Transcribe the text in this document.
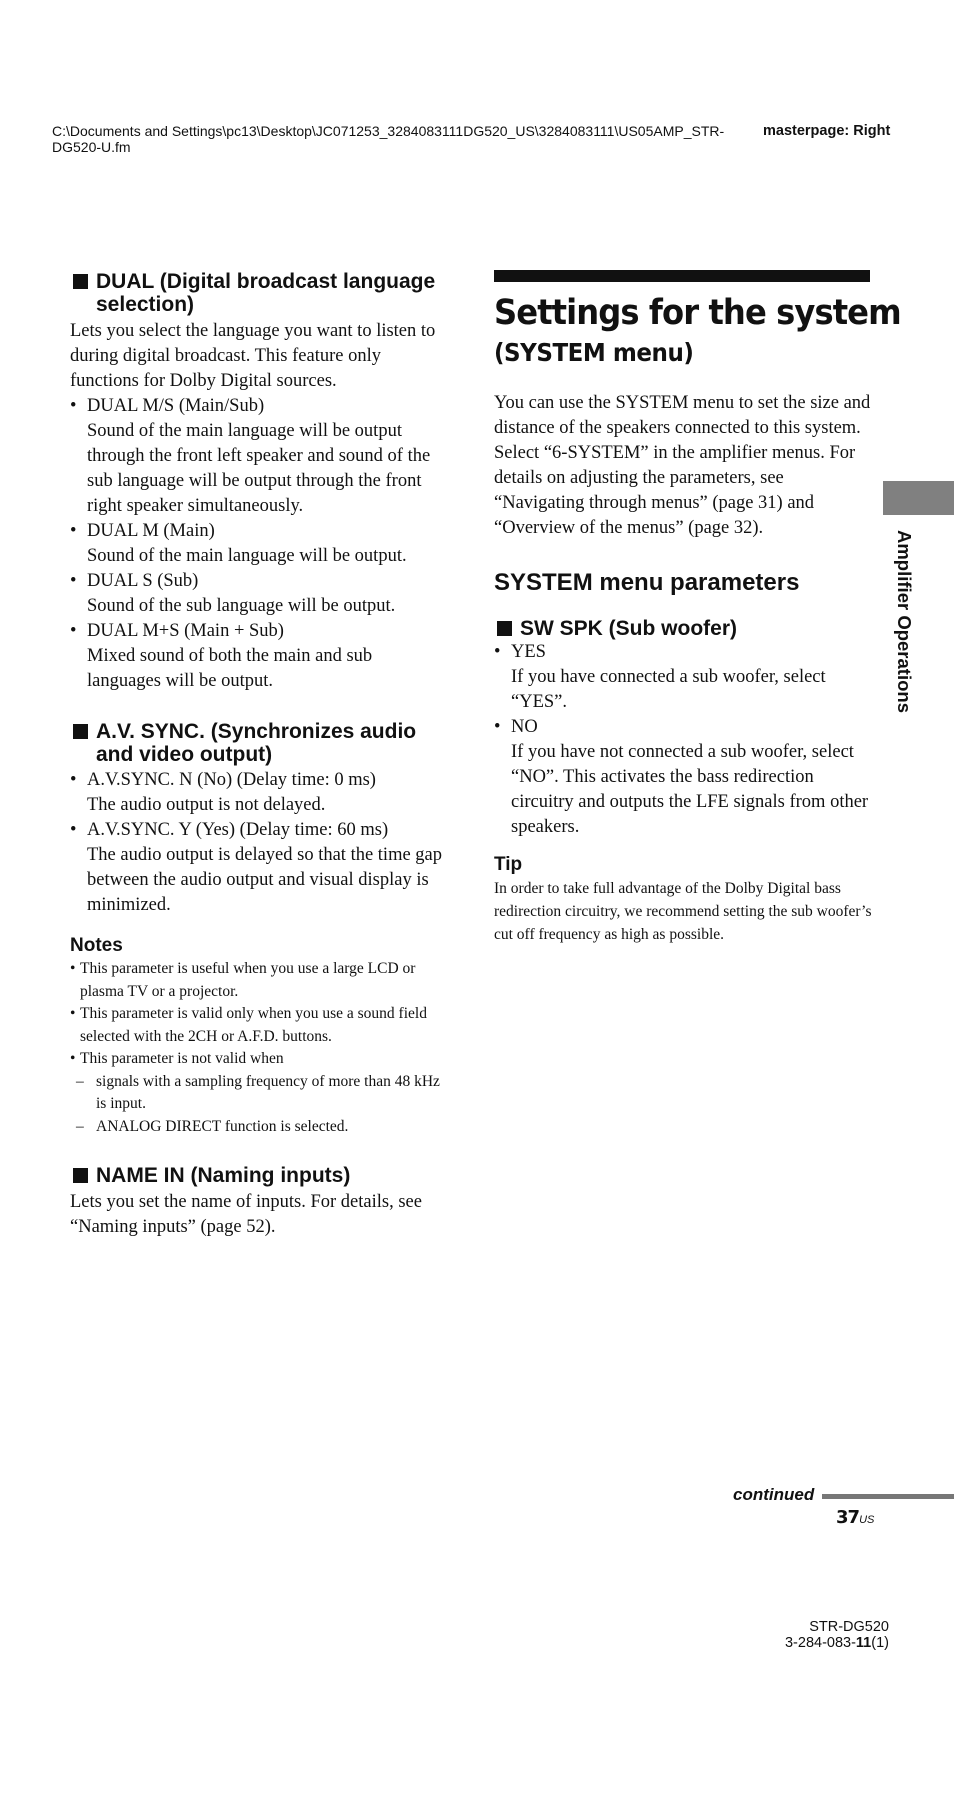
C:\Documents and Settings\pc13\Desktop\JC071253_3284083111DG520_US\3284083111\US05AMP_STR-DG520-U.fm
masterpage: Right
DUAL (Digital broadcast language selection)

Lets you select the language you want to listen to during digital broadcast. This feature only functions for Dolby Digital sources.

• DUAL M/S (Main/Sub)
Sound of the main language will be output through the front left speaker and sound of the sub language will be output through the front right speaker simultaneously.
• DUAL M (Main)
Sound of the main language will be output.
• DUAL S (Sub)
Sound of the sub language will be output.
• DUAL M+S (Main + Sub)
Mixed sound of both the main and sub languages will be output.
A.V. SYNC. (Synchronizes audio and video output)
• A.V.SYNC. N (No) (Delay time: 0 ms)
The audio output is not delayed.
• A.V.SYNC. Y (Yes) (Delay time: 60 ms)
The audio output is delayed so that the time gap between the audio output and visual display is minimized.
Notes
• This parameter is useful when you use a large LCD or plasma TV or a projector.
• This parameter is valid only when you use a sound field selected with the 2CH or A.F.D. buttons.
• This parameter is not valid when
– signals with a sampling frequency of more than 48 kHz is input.
– ANALOG DIRECT function is selected.
NAME IN (Naming inputs)

Lets you set the name of inputs. For details, see “Naming inputs” (page 52).

Settings for the system
(SYSTEM menu)

You can use the SYSTEM menu to set the size and distance of the speakers connected to this system.

Select “6-SYSTEM” in the amplifier menus. For details on adjusting the parameters, see “Navigating through menus” (page 31) and “Overview of the menus” (page 32).

SYSTEM menu parameters
SW SPK (Sub woofer)
• YES
If you have connected a sub woofer, select “YES”.
• NO
If you have not connected a sub woofer, select “NO”. This activates the bass redirection circuitry and outputs the LFE signals from other speakers.
Tip

In order to take full advantage of the Dolby Digital bass redirection circuitry, we recommend setting the sub woofer’s cut off frequency as high as possible.

Amplifier Operations
continued
37US
STR-DG520
3-284-083-11(1)
